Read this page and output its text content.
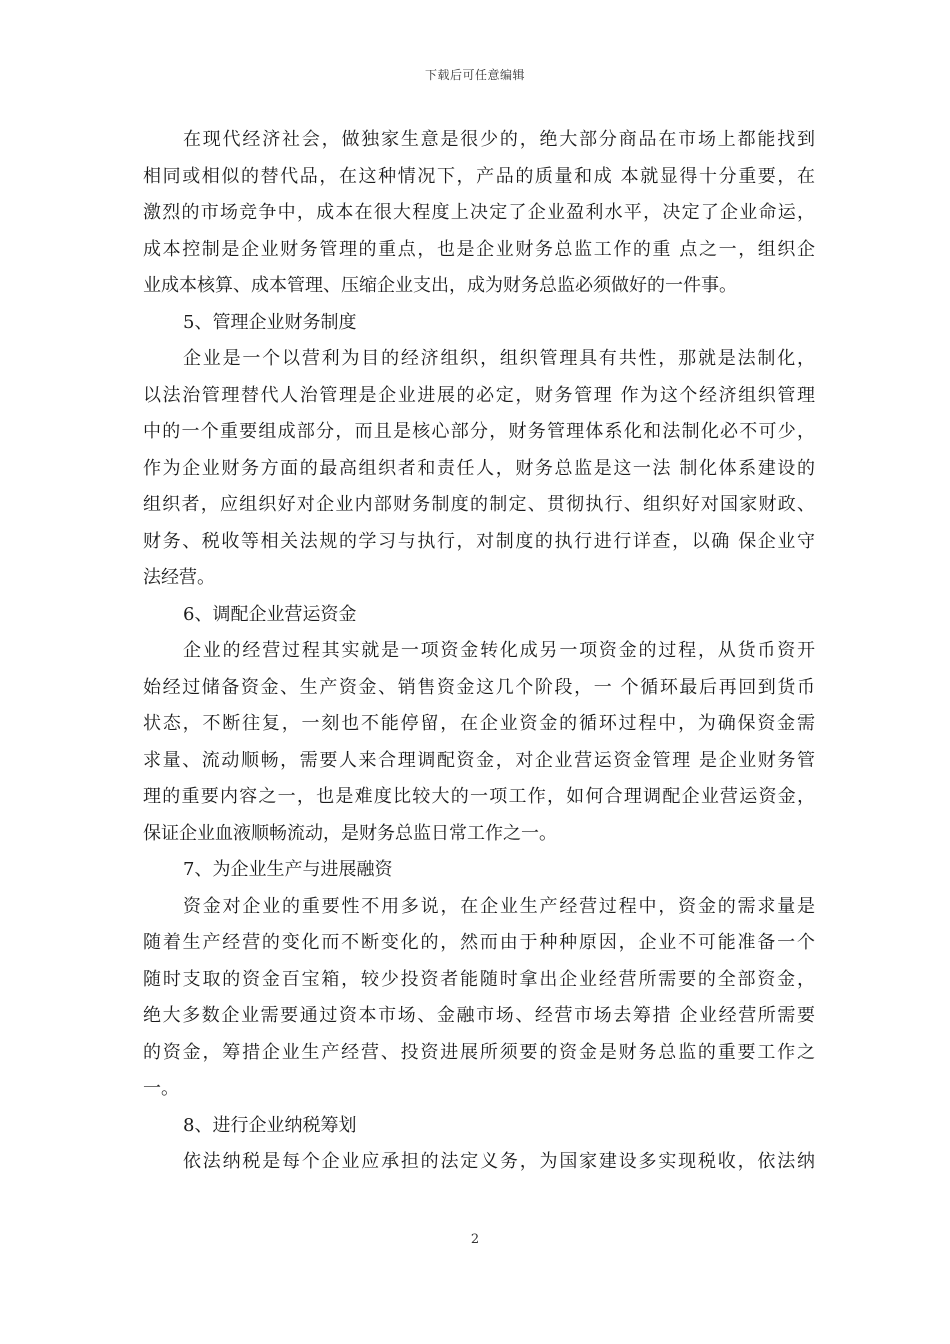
下载后可任意编辑
在现代经济社会，做独家生意是很少的，绝大部分商品在市场上都能找到
相同或相似的替代品，在这种情况下，产品的质量和成 本就显得十分重要，在
激烈的市场竞争中，成本在很大程度上决定了企业盈利水平，决定了企业命运，
成本控制是企业财务管理的重点，也是企业财务总监工作的重 点之一，组织企
业成本核算、成本管理、压缩企业支出，成为财务总监必须做好的一件事。
5、管理企业财务制度
企业是一个以营利为目的经济组织，组织管理具有共性，那就是法制化，
以法治管理替代人治管理是企业进展的必定，财务管理 作为这个经济组织管理
中的一个重要组成部分，而且是核心部分，财务管理体系化和法制化必不可少，
作为企业财务方面的最高组织者和责任人，财务总监是这一法 制化体系建设的
组织者，应组织好对企业内部财务制度的制定、贯彻执行、组织好对国家财政、
财务、税收等相关法规的学习与执行，对制度的执行进行详查，以确 保企业守
法经营。
6、调配企业营运资金
企业的经营过程其实就是一项资金转化成另一项资金的过程，从货币资开
始经过储备资金、生产资金、销售资金这几个阶段，一 个循环最后再回到货币
状态，不断往复，一刻也不能停留，在企业资金的循环过程中，为确保资金需
求量、流动顺畅，需要人来合理调配资金，对企业营运资金管理 是企业财务管
理的重要内容之一，也是难度比较大的一项工作，如何合理调配企业营运资金，
保证企业血液顺畅流动，是财务总监日常工作之一。
7、为企业生产与进展融资
资金对企业的重要性不用多说，在企业生产经营过程中，资金的需求量是
随着生产经营的变化而不断变化的，然而由于种种原因，企业不可能准备一个
随时支取的资金百宝箱，较少投资者能随时拿出企业经营所需要的全部资金，
绝大多数企业需要通过资本市场、金融市场、经营市场去筹措 企业经营所需要
的资金，筹措企业生产经营、投资进展所须要的资金是财务总监的重要工作之
一。
8、进行企业纳税筹划
依法纳税是每个企业应承担的法定义务，为国家建设多实现税收，依法纳
2
